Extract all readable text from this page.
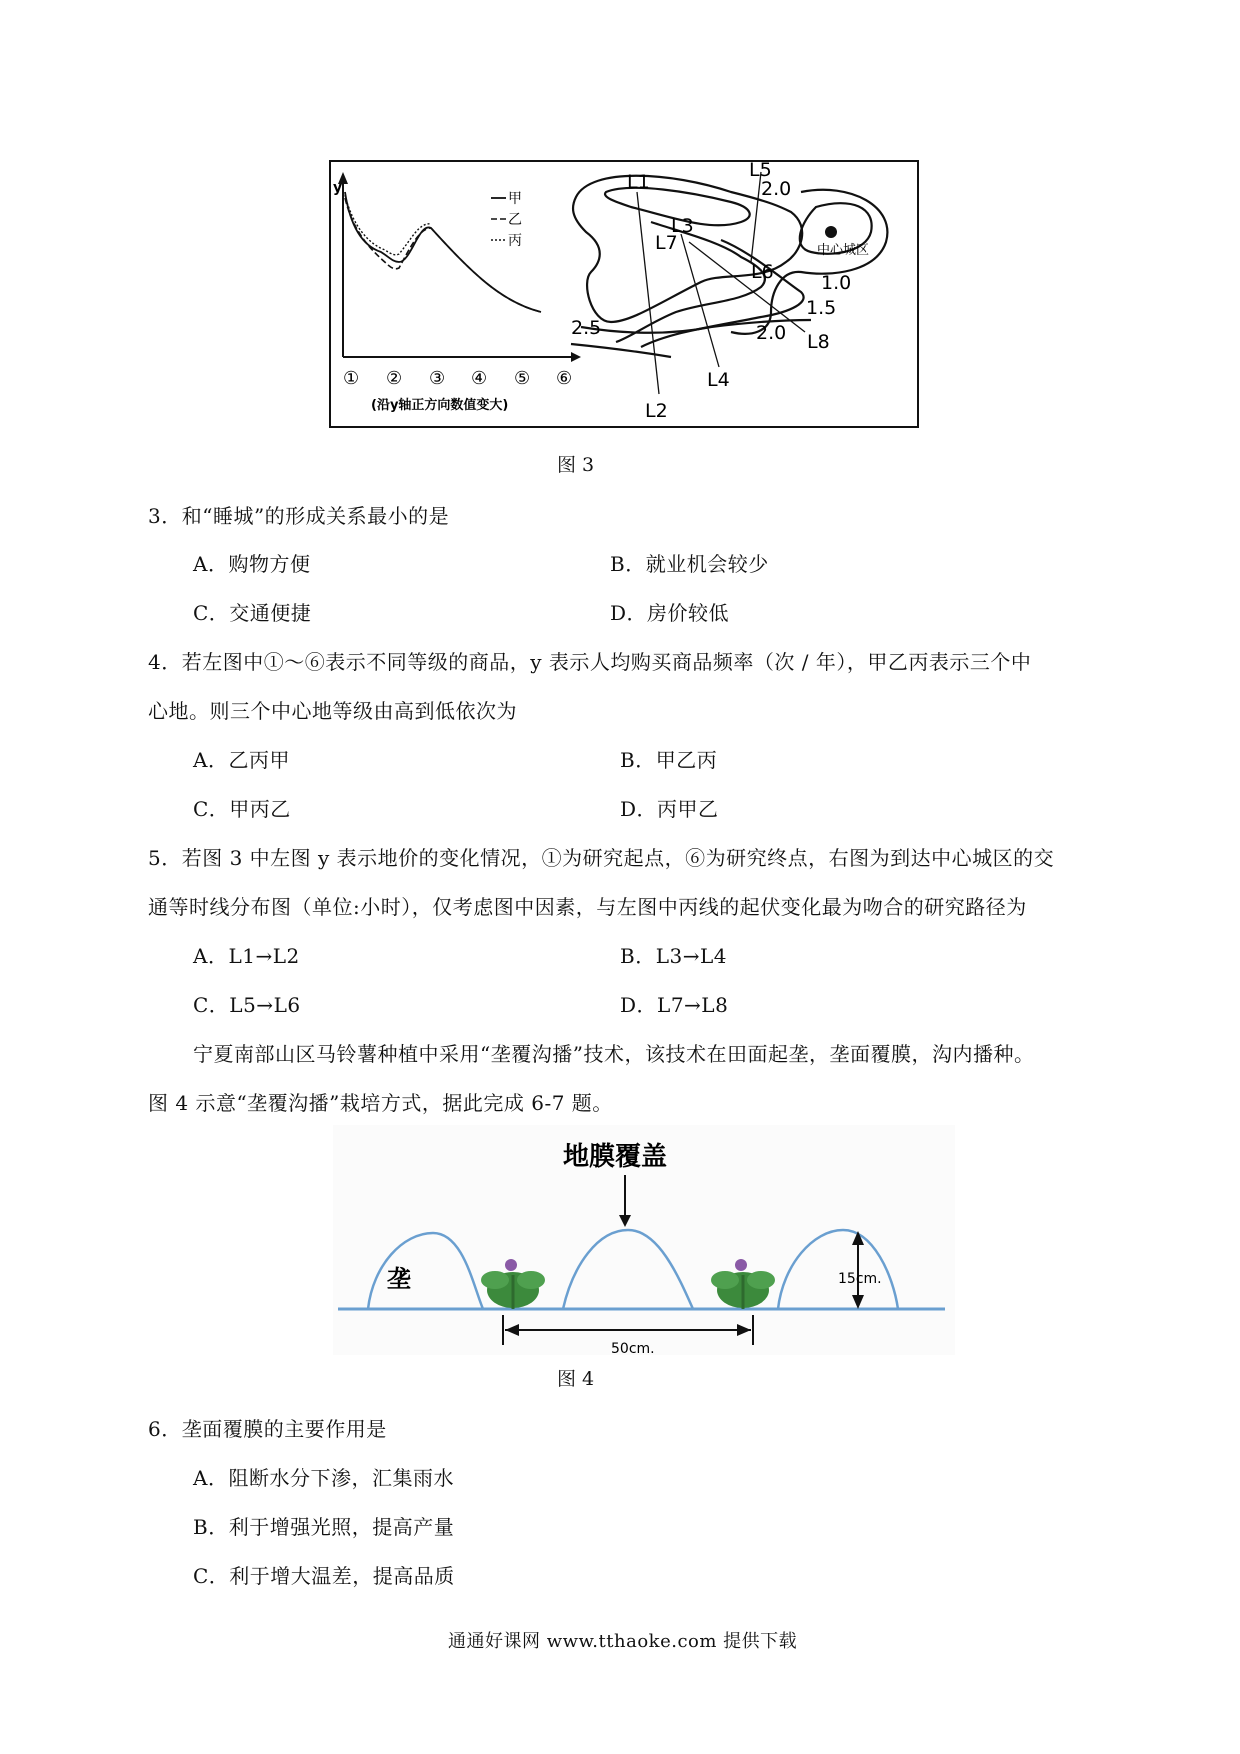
y
甲
乙
丙
① ② ③ ④ ⑤ ⑥
(沿y轴正方向数值变大)
中心城区
2.0
1.0
1.5
2.0
2.5
L1
L2
L3
L4
L5
L6
L7
L8
图 3
3．和“睡城”的形成关系最小的是
A．购物方便	B．就业机会较少
C．交通便捷	D．房价较低
4．若左图中①～⑥表示不同等级的商品，y 表示人均购买商品频率（次 / 年），甲乙丙表示三个中
心地。则三个中心地等级由高到低依次为
A．乙丙甲	B．甲乙丙
C．甲丙乙	D．丙甲乙
5．若图 3 中左图 y 表示地价的变化情况，①为研究起点，⑥为研究终点，右图为到达中心城区的交
通等时线分布图（单位:小时），仅考虑图中因素，与左图中丙线的起伏变化最为吻合的研究路径为
A．L1→L2	B．L3→L4
C．L5→L6	D．L7→L8
宁夏南部山区马铃薯种植中采用“垄覆沟播”技术，该技术在田面起垄，垄面覆膜，沟内播种。
图 4 示意“垄覆沟播”栽培方式，据此完成 6-7 题。
地膜覆盖
垄	15cm.
50cm.
图 4
6．垄面覆膜的主要作用是
A．阻断水分下渗，汇集雨水
B．利于增强光照，提高产量
C．利于增大温差，提高品质
通通好课网 www.tthaoke.com 提供下载
